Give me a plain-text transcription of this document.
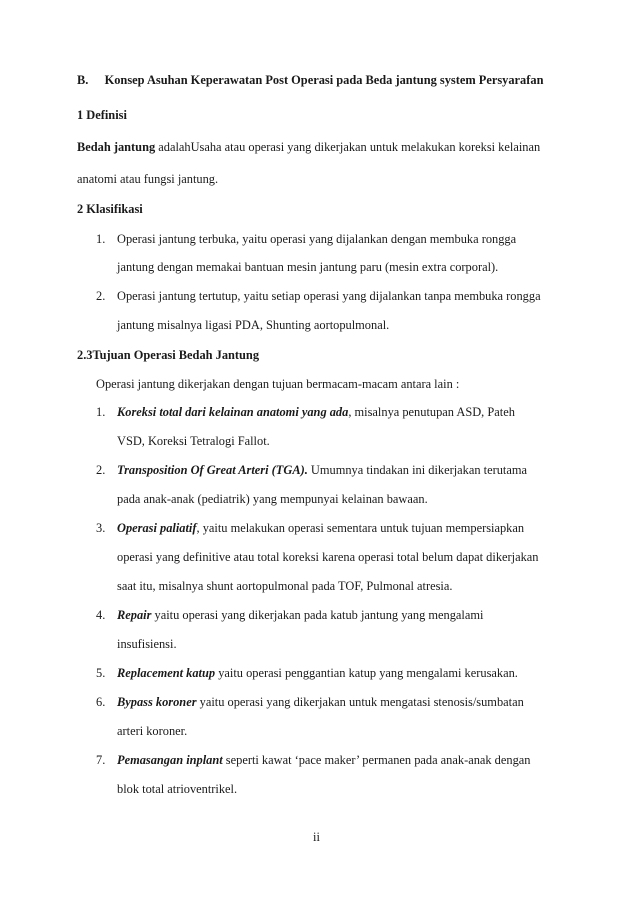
B. Konsep Asuhan Keperawatan Post Operasi pada Beda jantung system Persyarafan
1 Definisi
Bedah jantung adalahUsaha atau operasi yang dikerjakan untuk melakukan koreksi kelainan
anatomi atau fungsi jantung.
2 Klasifikasi
1. Operasi jantung terbuka, yaitu operasi yang dijalankan dengan membuka rongga
jantung dengan memakai bantuan mesin jantung paru (mesin extra corporal).
2. Operasi jantung tertutup, yaitu setiap operasi yang dijalankan tanpa membuka rongga
jantung misalnya ligasi PDA, Shunting aortopulmonal.
2.3Tujuan Operasi Bedah Jantung
Operasi jantung dikerjakan dengan tujuan bermacam-macam antara lain :
1. Koreksi total dari kelainan anatomi yang ada, misalnya penutupan ASD, Pateh
VSD, Koreksi Tetralogi Fallot.
2. Transposition Of Great Arteri (TGA). Umumnya tindakan ini dikerjakan terutama
pada anak-anak (pediatrik) yang mempunyai kelainan bawaan.
3. Operasi paliatif, yaitu melakukan operasi sementara untuk tujuan mempersiapkan
operasi yang definitive atau total koreksi karena operasi total belum dapat dikerjakan
saat itu, misalnya shunt aortopulmonal pada TOF, Pulmonal atresia.
4. Repair yaitu operasi yang dikerjakan pada katub jantung yang mengalami
insufisiensi.
5. Replacement katup yaitu operasi penggantian katup yang mengalami kerusakan.
6. Bypass koroner yaitu operasi yang dikerjakan untuk mengatasi stenosis/sumbatan
arteri koroner.
7. Pemasangan inplant seperti kawat ‘pace maker’ permanen pada anak-anak dengan
blok total atrioventrikel.
ii
